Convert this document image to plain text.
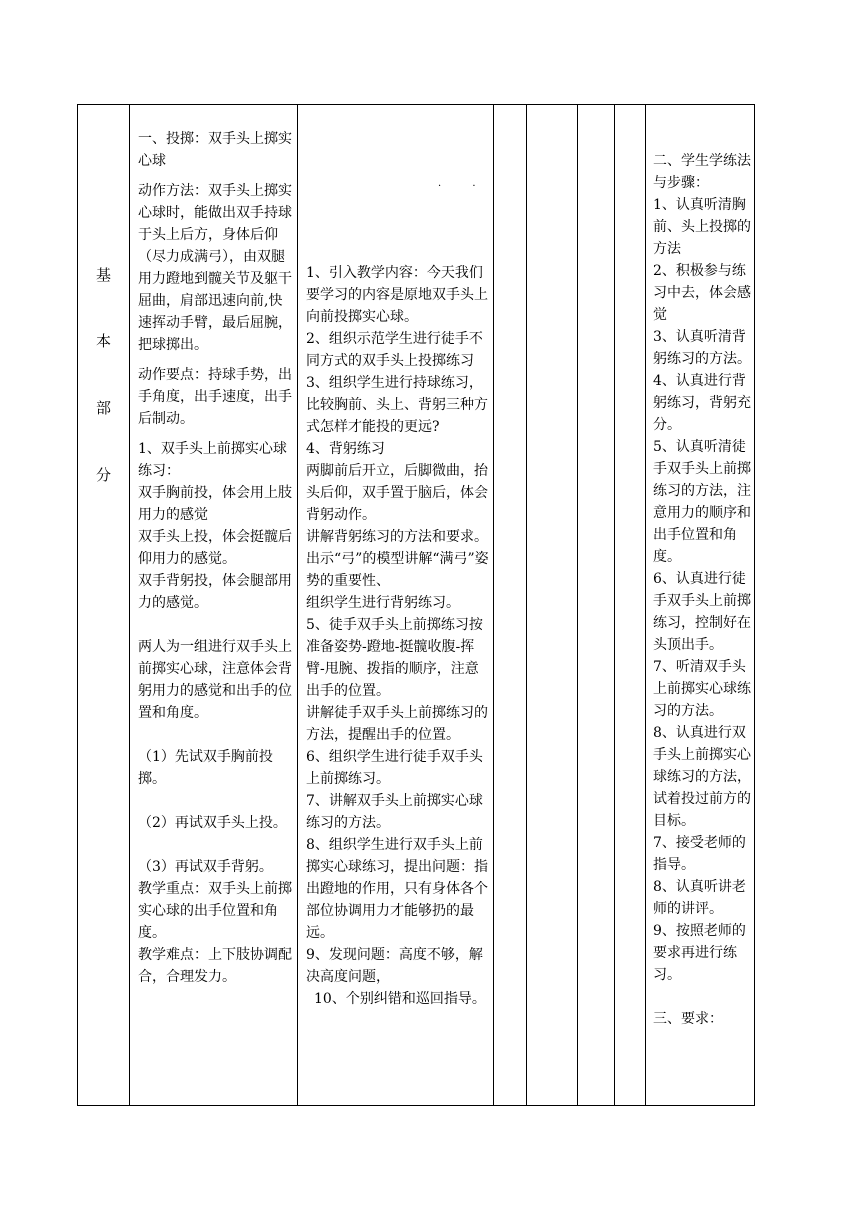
基
本
部
分

一、投掷：双手头上掷实心球

动作方法：双手头上掷实心球时，能做出双手持球于头上后方，身体后仰（尽力成满弓），由双腿用力蹬地到髋关节及躯干屈曲，肩部迅速向前,快速挥动手臂，最后屈腕，把球掷出。

动作要点：持球手势，出手角度，出手速度，出手后制动。

1、双手头上前掷实心球练习：

双手胸前投，体会用上肢用力的感觉

双手头上投，体会挺髋后仰用力的感觉。

双手背躬投，体会腿部用力的感觉。

两人为一组进行双手头上前掷实心球，注意体会背躬用力的感觉和出手的位置和角度。

（1）先试双手胸前投掷。

（2）再试双手头上投。

（3）再试双手背躬。

教学重点：双手头上前掷实心球的出手位置和角度。

教学难点：上下肢协调配合，合理发力。

· ·

1、引入教学内容：今天我们要学习的内容是原地双手头上向前投掷实心球。

2、组织示范学生进行徒手不同方式的双手头上投掷练习

3、组织学生进行持球练习，比较胸前、头上、背躬三种方式怎样才能投的更远?

4、背躬练习

两脚前后开立，后脚微曲，抬头后仰，双手置于脑后，体会背躬动作。

讲解背躬练习的方法和要求。

出示“弓”的模型讲解“满弓”姿势的重要性、

组织学生进行背躬练习。

5、徒手双手头上前掷练习按准备姿势-蹬地-挺髋收腹-挥臂-甩腕、拨指的顺序，注意出手的位置。

讲解徒手双手头上前掷练习的方法，提醒出手的位置。

6、组织学生进行徒手双手头上前掷练习。

7、讲解双手头上前掷实心球练习的方法。

8、组织学生进行双手头上前掷实心球练习，提出问题：指出蹬地的作用，只有身体各个部位协调用力才能够扔的最远。

9、发现问题：高度不够，解决高度问题，

10、个别纠错和巡回指导。

二、学生学练法与步骤：

1、认真听清胸前、头上投掷的方法

2、积极参与练习中去，体会感觉

3、认真听清背躬练习的方法。

4、认真进行背躬练习，背躬充分。

5、认真听清徒手双手头上前掷练习的方法，注意用力的顺序和出手位置和角度。

6、认真进行徒手双手头上前掷练习，控制好在头顶出手。

7、听清双手头上前掷实心球练习的方法。

8、认真进行双手头上前掷实心球练习的方法，试着投过前方的目标。

7、接受老师的指导。

8、认真听讲老师的讲评。

9、按照老师的要求再进行练习。

三、要求：
